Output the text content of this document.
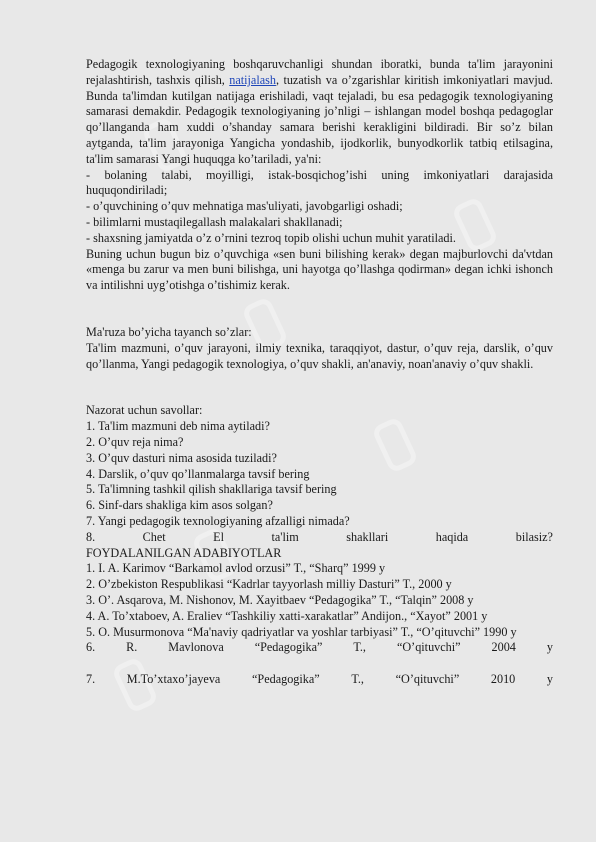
Pedagogik texnologiyaning boshqaruvchanligi shundan iboratki, bunda ta'lim jarayonini rejalashtirish, tashxis qilish, natijalash, tuzatish va o’zgarishlar kiritish imkoniyatlari mavjud. Bunda ta'limdan kutilgan natijaga erishiladi, vaqt tejaladi, bu esa pedagogik texnologiyaning samarasi demakdir. Pedagogik texnologiyaning jo’nligi – ishlangan model boshqa pedagoglar qo’llanganda ham xuddi o’shanday samara berishi kerakligini bildiradi. Bir so’z bilan aytganda, ta'lim jarayoniga Yangicha yondashib, ijodkorlik, bunyodkorlik tatbiq etilsagina, ta'lim samarasi Yangi huquqga ko’tariladi, ya'ni:

- bolaning talabi, moyilligi, istak-bosqichog’ishi uning imkoniyatlari darajasida huquqondiriladi;

- o’quvchining o’quv mehnatiga mas'uliyati, javobgarligi oshadi;
- bilimlarni mustaqilegallash malakalari shakllanadi;
- shaxsning jamiyatda o’z o’rnini tezroq topib olishi uchun muhit yaratiladi.

Buning uchun bugun biz o’quvchiga «sen buni bilishing kerak» degan majburlovchi da'vtdan «menga bu zarur va men buni bilishga, uni hayotga qo’llashga qodirman» degan ichki ishonch va intilishni uyg’otishga o’tishimiz kerak.

Ma'ruza bo’yicha tayanch so’zlar:

Ta'lim mazmuni, o’quv jarayoni, ilmiy texnika, taraqqiyot, dastur, o’quv reja, darslik, o’quv qo’llanma, Yangi pedagogik texnologiya, o’quv shakli, an'anaviy, noan'anaviy o’quv shakli.

Nazorat uchun savollar:
1. Ta'lim mazmuni deb nima aytiladi?
2. O’quv reja nima?
3. O’quv dasturi nima asosida tuziladi?
4. Darslik, o’quv qo’llanmalarga tavsif bering
5. Ta'limning tashkil qilish shakllariga tavsif bering
6. Sinf-dars shakliga kim asos solgan?
7. Yangi pedagogik texnologiyaning afzalligi nimada?
8.	Chet	El	ta'lim	shakllari	haqida	bilasiz?
FOYDALANILGAN ADABIYOTLAR
1. I. A. Karimov “Barkamol avlod orzusi” T., “Sharq” 1999 y
2. O’zbekiston Respublikasi “Kadrlar tayyorlash milliy Dasturi” T., 2000 y
3. O’. Asqarova, M. Nishonov, M. Xayitbaev “Pedagogika” T., “Talqin” 2008 y
4. A. To’xtaboev, A. Eraliev “Tashkiliy xatti-xarakatlar” Andijon., “Xayot” 2001 y

5. O. Musurmonova “Ma'naviy qadriyatlar va yoshlar tarbiyasi” T., “O’qituvchi” 1990 y

6.	R.	Mavlonova	“Pedagogika”	T.,	“O’qituvchi”	2004	y
7.	M.To’xtaxo’jayeva	“Pedagogika”	T.,	“O’qituvchi”	2010	y
